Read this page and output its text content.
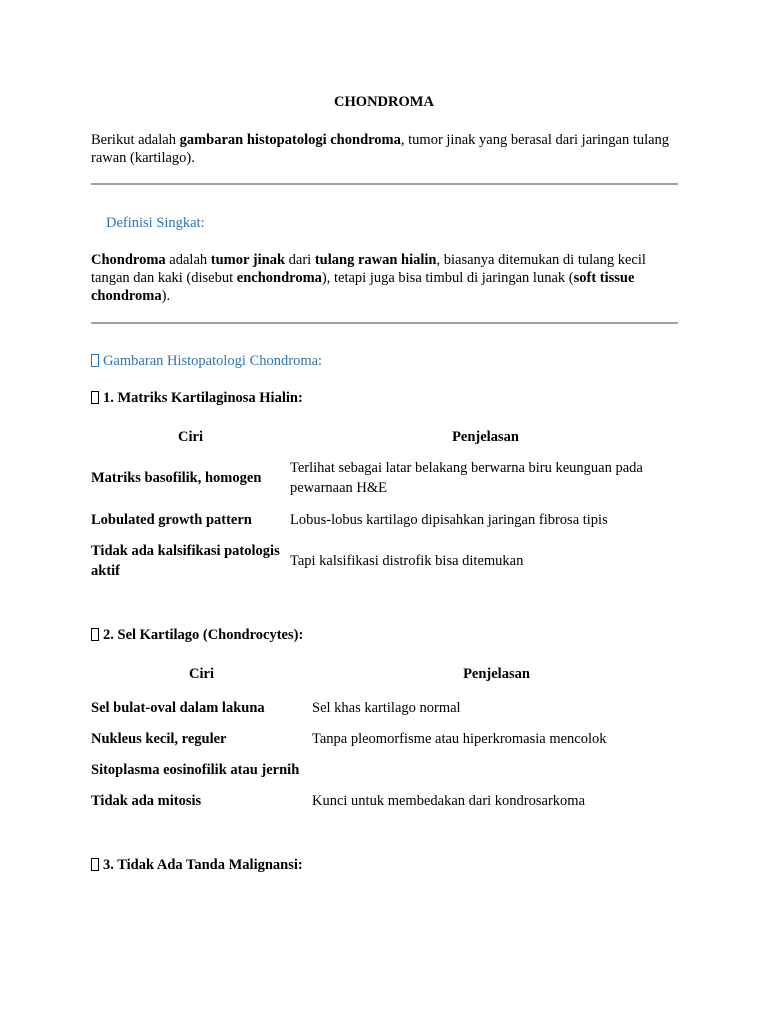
CHONDROMA
Berikut adalah gambaran histopatologi chondroma, tumor jinak yang berasal dari jaringan tulang rawan (kartilago).
Definisi Singkat:
Chondroma adalah tumor jinak dari tulang rawan hialin, biasanya ditemukan di tulang kecil tangan dan kaki (disebut enchondroma), tetapi juga bisa timbul di jaringan lunak (soft tissue chondroma).
Gambaran Histopatologi Chondroma:
1. Matriks Kartilaginosa Hialin:
Ciri	Penjelasan

Matriks basofilik, homogen	Terlihat sebagai latar belakang berwarna biru keunguan pada pewarnaan H&E
Lobulated growth pattern	Lobus-lobus kartilago dipisahkan jaringan fibrosa tipis
Tidak ada kalsifikasi patologis aktif	Tapi kalsifikasi distrofik bisa ditemukan
2. Sel Kartilago (Chondrocytes):
Ciri	Penjelasan

Sel bulat-oval dalam lakuna	Sel khas kartilago normal
Nukleus kecil, reguler	Tanpa pleomorfisme atau hiperkromasia mencolok
Sitoplasma eosinofilik atau jernih	
Tidak ada mitosis	Kunci untuk membedakan dari kondrosarkoma
3. Tidak Ada Tanda Malignansi:
